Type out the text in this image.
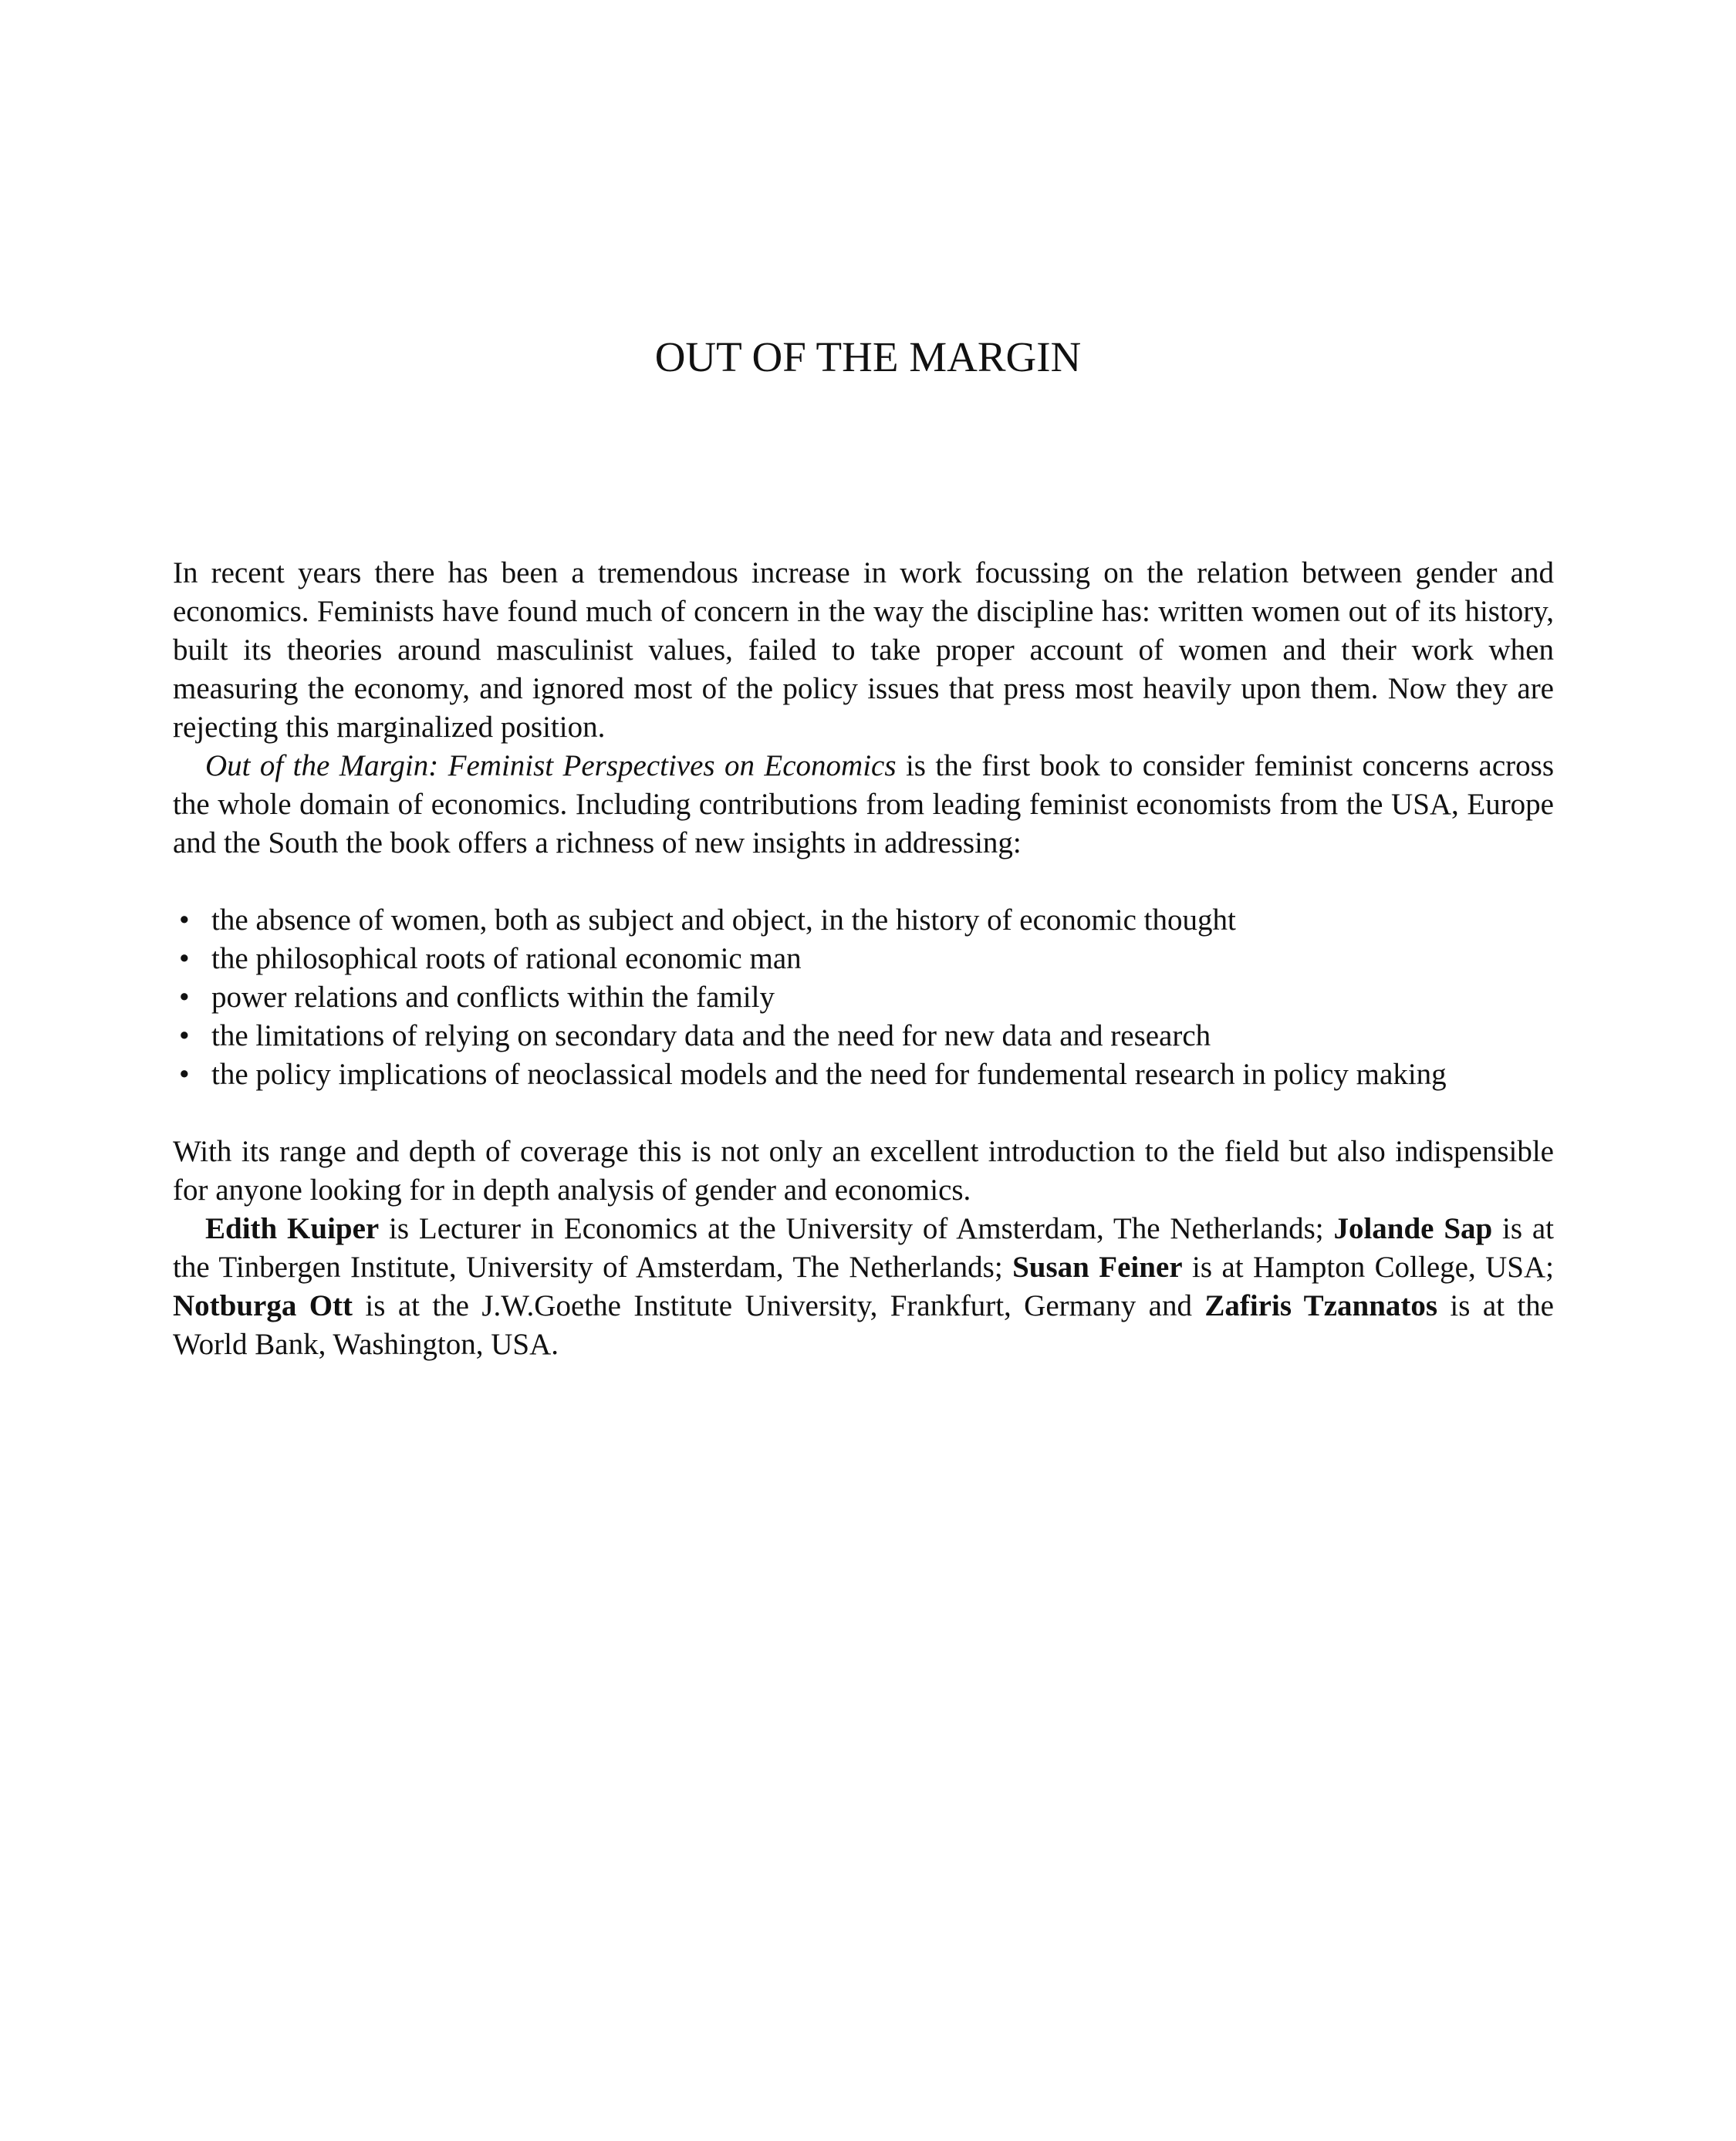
OUT OF THE MARGIN

In recent years there has been a tremendous increase in work focussing on the relation between gender and economics. Feminists have found much of concern in the way the discipline has: written women out of its history, built its theories around masculinist values, failed to take proper account of women and their work when measuring the economy, and ignored most of the policy issues that press most heavily upon them. Now they are rejecting this marginalized position.

Out of the Margin: Feminist Perspectives on Economics is the first book to consider feminist concerns across the whole domain of economics. Including contributions from leading feminist economists from the USA, Europe and the South the book offers a richness of new insights in addressing:

• the absence of women, both as subject and object, in the history of economic thought
• the philosophical roots of rational economic man
• power relations and conflicts within the family
• the limitations of relying on secondary data and the need for new data and research
• the policy implications of neoclassical models and the need for fundemental research in policy making

With its range and depth of coverage this is not only an excellent introduction to the field but also indispensible for anyone looking for in depth analysis of gender and economics.

Edith Kuiper is Lecturer in Economics at the University of Amsterdam, The Netherlands; Jolande Sap is at the Tinbergen Institute, University of Amsterdam, The Netherlands; Susan Feiner is at Hampton College, USA; Notburga Ott is at the J.W.Goethe Institute University, Frankfurt, Germany and Zafiris Tzannatos is at the World Bank, Washington, USA.
